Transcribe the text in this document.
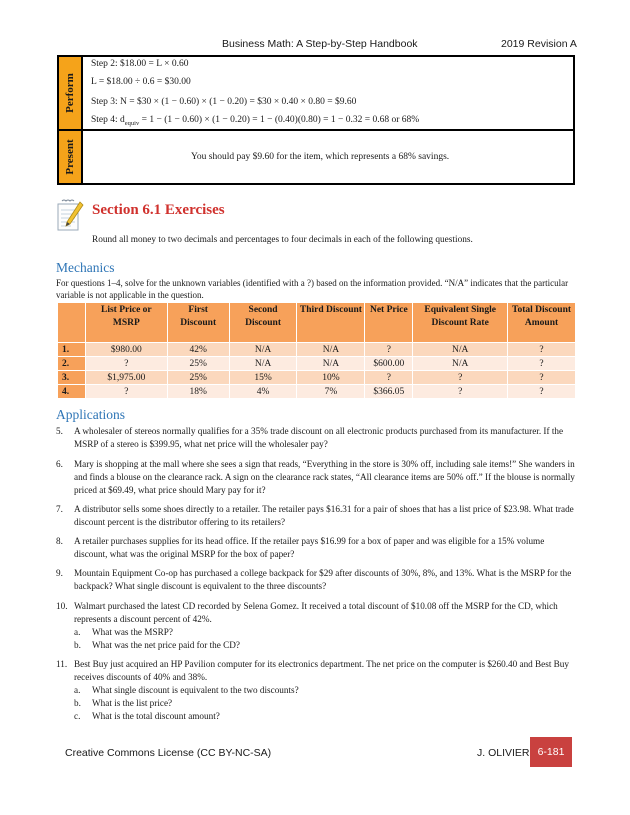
Business Math: A Step-by-Step Handbook	2019 Revision A
Perform
Step 2: $18.00 = L × 0.60
L = $18.00 ÷ 0.6 = $30.00
Step 3: N = $30 × (1 − 0.60) × (1 − 0.20) = $30 × 0.40 × 0.80 = $9.60
Step 4: $d_{equiv} = 1 - (1 - 0.60) \times (1 - 0.20) = 1 - (0.40)(0.80) = 1 - 0.32 = 0.68$ or 68%
Present	You should pay $9.60 for the item, which represents a 68% savings.
Section 6.1 Exercises
Round all money to two decimals and percentages to four decimals in each of the following questions.
Mechanics
For questions 1–4, solve for the unknown variables (identified with a ?) based on the information provided. “N/A” indicates that the particular variable is not applicable in the question.
	List Price or MSRP	First Discount	Second Discount	Third Discount	Net Price	Equivalent Single Discount Rate	Total Discount Amount
1.	$980.00	42%	N/A	N/A	?	N/A	?
2.	?	25%	N/A	N/A	$600.00	N/A	?
3.	$1,975.00	25%	15%	10%	?	?	?
4.	?	18%	4%	7%	$366.05	?	?
Applications
5. A wholesaler of stereos normally qualifies for a 35% trade discount on all electronic products purchased from its manufacturer. If the MSRP of a stereo is $399.95, what net price will the wholesaler pay?
6. Mary is shopping at the mall where she sees a sign that reads, “Everything in the store is 30% off, including sale items!” She wanders in and finds a blouse on the clearance rack. A sign on the clearance rack states, “All clearance items are 50% off.” If the blouse is normally priced at $69.49, what price should Mary pay for it?
7. A distributor sells some shoes directly to a retailer. The retailer pays $16.31 for a pair of shoes that has a list price of $23.98. What trade discount percent is the distributor offering to its retailers?
8. A retailer purchases supplies for its head office. If the retailer pays $16.99 for a box of paper and was eligible for a 15% volume discount, what was the original MSRP for the box of paper?
9. Mountain Equipment Co-op has purchased a college backpack for $29 after discounts of 30%, 8%, and 13%. What is the MSRP for the backpack? What single discount is equivalent to the three discounts?
10. Walmart purchased the latest CD recorded by Selena Gomez. It received a total discount of $10.08 off the MSRP for the CD, which represents a discount percent of 42%.
a. What was the MSRP?
b. What was the net price paid for the CD?
11. Best Buy just acquired an HP Pavilion computer for its electronics department. The net price on the computer is $260.40 and Best Buy receives discounts of 40% and 38%.
a. What single discount is equivalent to the two discounts?
b. What is the list price?
c. What is the total discount amount?
Creative Commons License (CC BY-NC-SA)	J. OLIVIER 6-181
